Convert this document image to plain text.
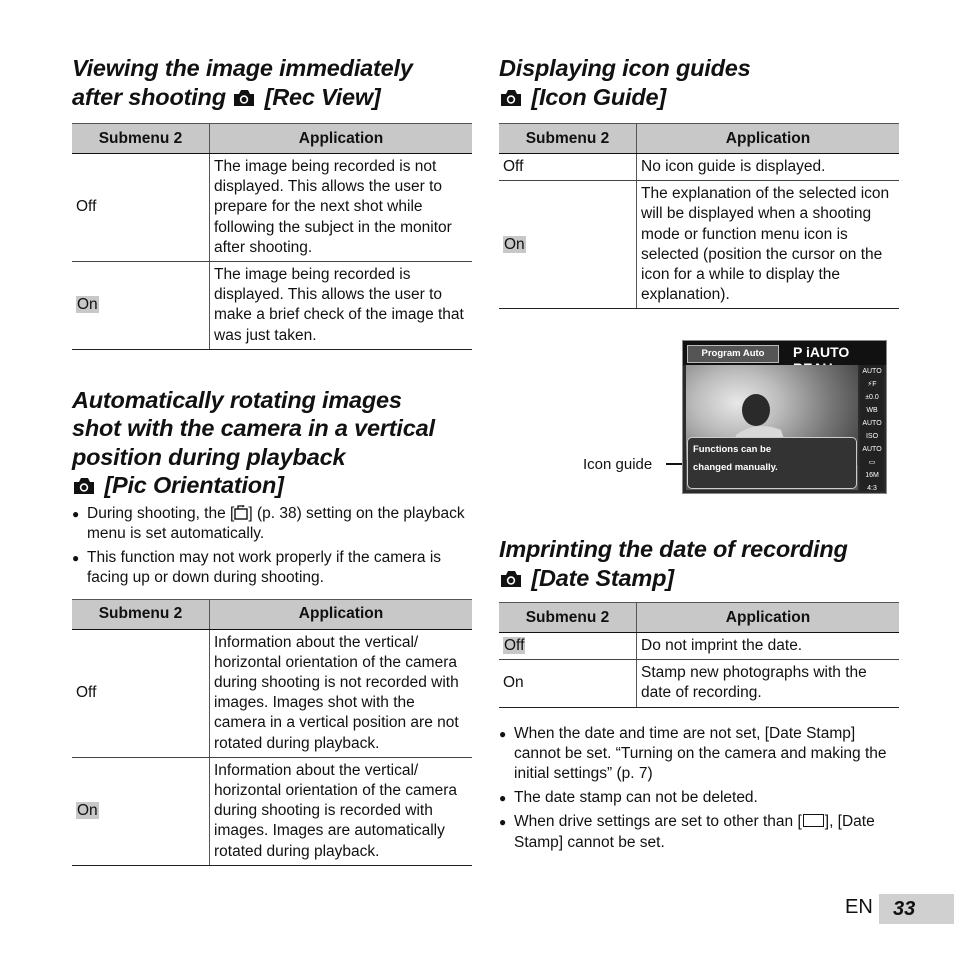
Viewing the image immediately
after shooting [Rec View]
Submenu 2	Application
Off	The image being recorded is not displayed. This allows the user to prepare for the next shot while following the subject in the monitor after shooting.
On	The image being recorded is displayed. This allows the user to make a brief check of the image that was just taken.
Automatically rotating images
shot with the camera in a vertical
position during playback

[Pic Orientation]
● During shooting, the [ ] (p. 38) setting on the playback menu is set automatically.
● This function may not work properly if the camera is facing up or down during shooting.
Submenu 2	Application
Off	Information about the vertical/ horizontal orientation of the camera during shooting is not recorded with images. Images shot with the camera in a vertical position are not rotated during playback.
On	Information about the vertical/ horizontal orientation of the camera during shooting is recorded with images. Images are automatically rotated during playback.
Displaying icon guides

[Icon Guide]
Submenu 2	Application
Off	No icon guide is displayed.
On	The explanation of the selected icon will be displayed when a shooting mode or function menu icon is selected (position the cursor on the icon for a while to display the explanation).
Icon guide
Program Auto	P iAUTO
AUTO
⚡F
±0.0
WB AUTO
ISO AUTO
▭
16M
4:3
MENU
Functions can be
changed manually.
Imprinting the date of recording

[Date Stamp]
Submenu 2	Application
Off	Do not imprint the date.
On	Stamp new photographs with the date of recording.
● When the date and time are not set, [Date Stamp] cannot be set. “Turning on the camera and making the initial settings” (p. 7)
● The date stamp can not be deleted.
● When drive settings are set to other than [ ], [Date Stamp] cannot be set.
EN	33
